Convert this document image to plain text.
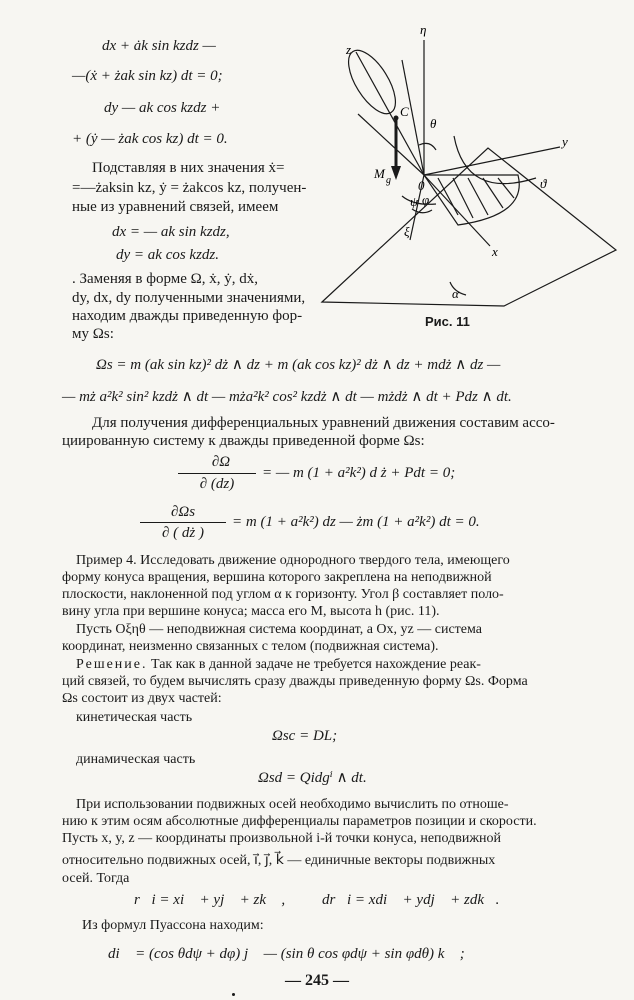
dx + ȧk sin kzdz —
—(ẋ + żak sin kz) dt = 0;
dy — ak cos kzdz +
+ (ẏ — żak cos kz) dt = 0.
Подставляя в них значения ẋ=
=—żaksin kz, ẏ = żakcos kz, получен-
ные из уравнений связей, имеем
dx = — ak sin kzdz,
dy = ak cos kzdz.
. Заменяя в форме Ω, ẋ, ẏ, dẋ,
dy, dx, dy полученными значениями,
находим дважды приведенную фор-
му Ωs:
z
η
C
θ
y
M g 0
ψ φ
ϑ
ξ
x
α
Рис. 11
Ωs = m (ak sin kz)² dż ∧ dz + m (ak cos kz)² dż ∧ dz + mdż ∧ dz —
— mż a²k² sin² kzdż ∧ dt — mża²k² cos² kzdż ∧ dt — mżdż ∧ dt + Pdz ∧ dt.
Для получения дифференциальных уравнений движения составим ассо-
циированную систему к дважды приведенной форме Ωs:
∂Ω
∂ (dz)
= — m (1 + a²k²) d ż + Pdt = 0;
∂Ωs
∂ ( dż )
= m (1 + a²k²) dz — żm (1 + a²k²) dt = 0.
Пример 4. Исследовать движение однородного твердого тела, имеющего
форму конуса вращения, вершина которого закреплена на неподвижной
плоскости, наклоненной под углом α к горизонту. Угол β составляет поло-
вину угла при вершине конуса; масса его M, высота h (рис. 11).
Пусть Oξηθ — неподвижная система координат, а Ox, yz — система
координат, неизменно связанных с телом (подвижная система).
Решение. Так как в данной задаче не требуется нахождение реак-
ций связей, то будем вычислять сразу дважды приведенную форму Ωs. Форма
Ωs состоит из двух частей:
кинетическая часть
Ωsc = DL;
динамическая часть
Ωsd = Qidgⁱ ∧ dt.
При использовании подвижных осей необходимо вычислить по отноше-
нию к этим осям абсолютные дифференциалы параметров позиции и скорости.
Пусть x, y, z — координаты произвольной i-й точки конуса, неподвижной
относительно подвижных осей, i⃗, j⃗, k⃗ — единичные векторы подвижных
осей. Тогда
r⃗i = xi⃗ + yj⃗ + zk⃗ , dr⃗i = xdi⃗ + ydj⃗ + zdk⃗.
Из формул Пуассона находим:
di⃗ = (cos θdψ + dφ) j⃗ — (sin θ cos φdψ + sin φdθ) k⃗ ;
— 245 —
